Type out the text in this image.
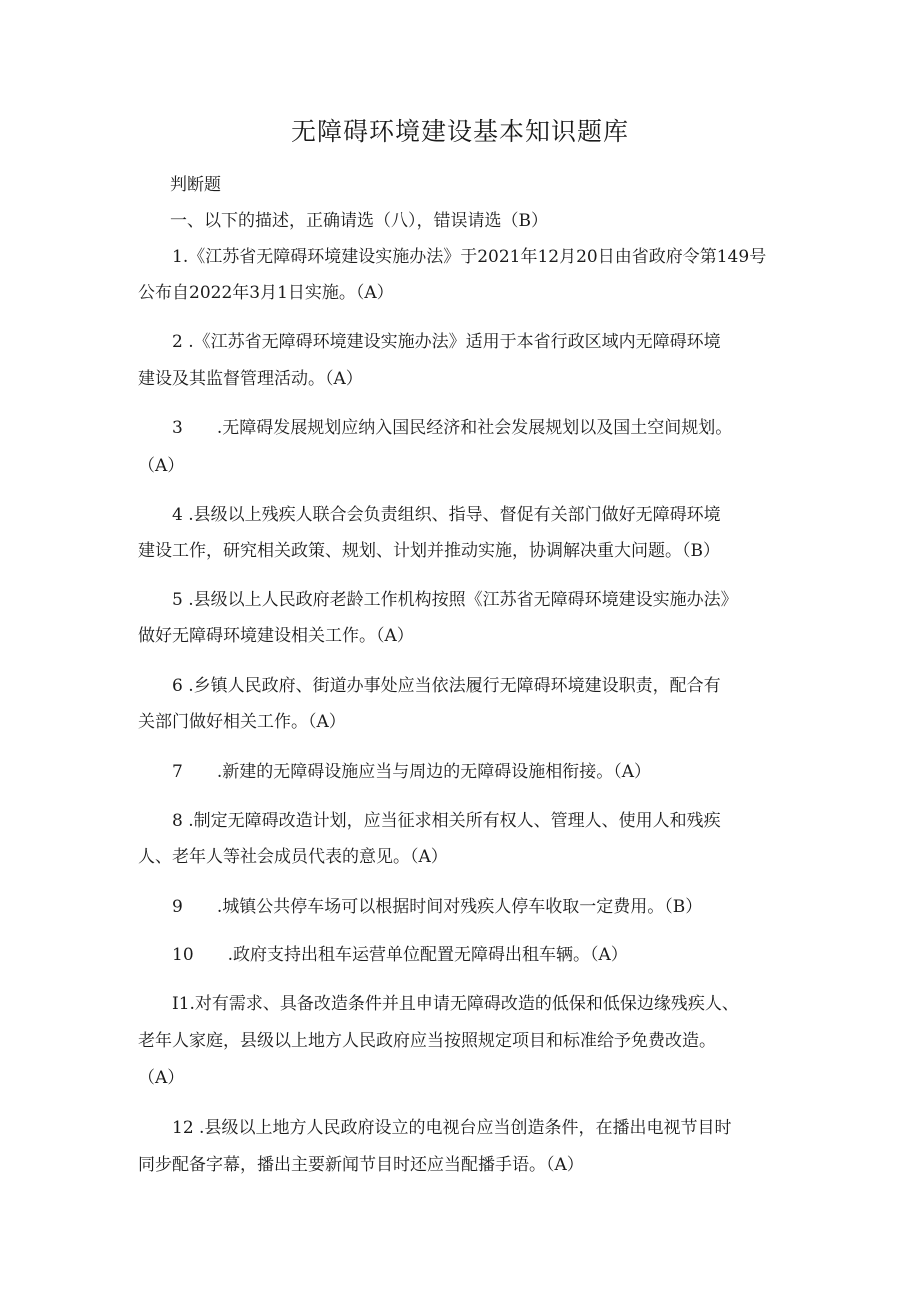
无障碍环境建设基本知识题库
判断题
一、以下的描述，正确请选（八），错误请选（B）
1.《江苏省无障碍环境建设实施办法》于2021年12月20日由省政府令第149号
公布自2022年3月1日实施。（A）
2 .《江苏省无障碍环境建设实施办法》适用于本省行政区域内无障碍环境
建设及其监督管理活动。（A）
3　　.无障碍发展规划应纳入国民经济和社会发展规划以及国土空间规划。
（A）
4 .县级以上残疾人联合会负责组织、指导、督促有关部门做好无障碍环境
建设工作，研究相关政策、规划、计划并推动实施，协调解决重大问题。（B）
5 .县级以上人民政府老龄工作机构按照《江苏省无障碍环境建设实施办法》
做好无障碍环境建设相关工作。（A）
6 .乡镇人民政府、街道办事处应当依法履行无障碍环境建设职责，配合有
关部门做好相关工作。（A）
7　　.新建的无障碍设施应当与周边的无障碍设施相衔接。（A）
8 .制定无障碍改造计划，应当征求相关所有权人、管理人、使用人和残疾
人、老年人等社会成员代表的意见。（A）
9　　.城镇公共停车场可以根据时间对残疾人停车收取一定费用。（B）
10　　.政府支持出租车运营单位配置无障碍出租车辆。（A）
I1.对有需求、具备改造条件并且申请无障碍改造的低保和低保边缘残疾人、
老年人家庭，县级以上地方人民政府应当按照规定项目和标准给予免费改造。
（A）
12 .县级以上地方人民政府设立的电视台应当创造条件，在播出电视节目时
同步配备字幕，播出主要新闻节目时还应当配播手语。（A）
